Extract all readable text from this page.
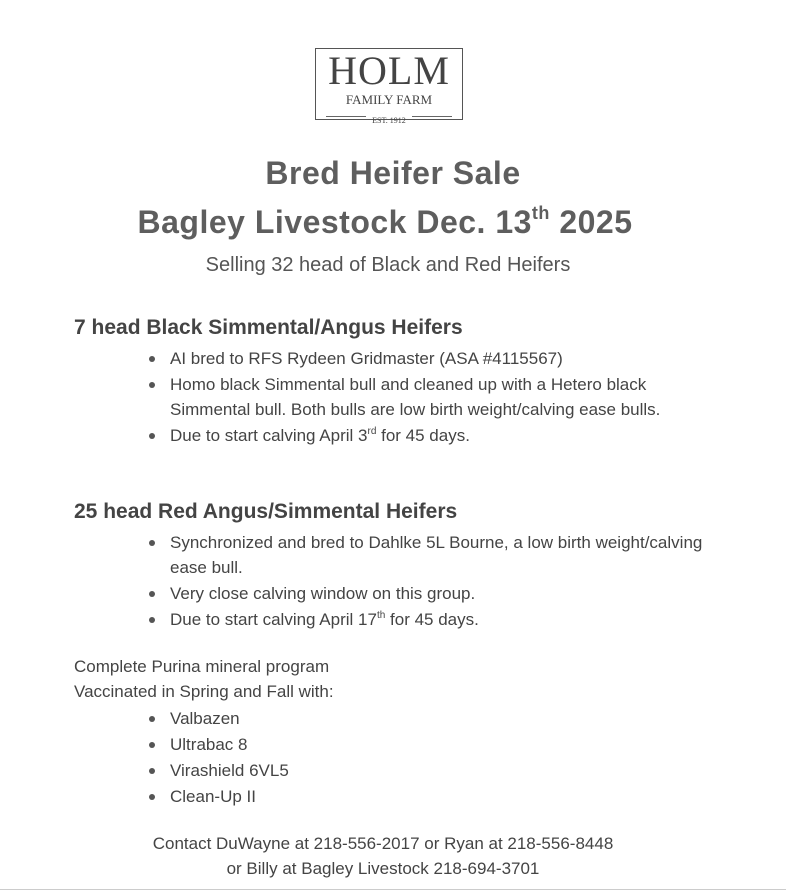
HOLM
FAMILY FARM
EST. 1912
Bred Heifer Sale
Bagley Livestock Dec. 13th 2025
Selling 32 head of Black and Red Heifers
7 head Black Simmental/Angus Heifers
AI bred to RFS Rydeen Gridmaster (ASA #4115567)
Homo black Simmental bull and cleaned up with a Hetero black Simmental bull. Both bulls are low birth weight/calving ease bulls.
Due to start calving April 3rd for 45 days.
25 head Red Angus/Simmental Heifers
Synchronized and bred to Dahlke 5L Bourne, a low birth weight/calving ease bull.
Very close calving window on this group.
Due to start calving April 17th for 45 days.
Complete Purina mineral program
Vaccinated in Spring and Fall with:
Valbazen
Ultrabac 8
Virashield 6VL5
Clean-Up II
Contact DuWayne at 218-556-2017 or Ryan at 218-556-8448
or Billy at Bagley Livestock 218-694-3701
